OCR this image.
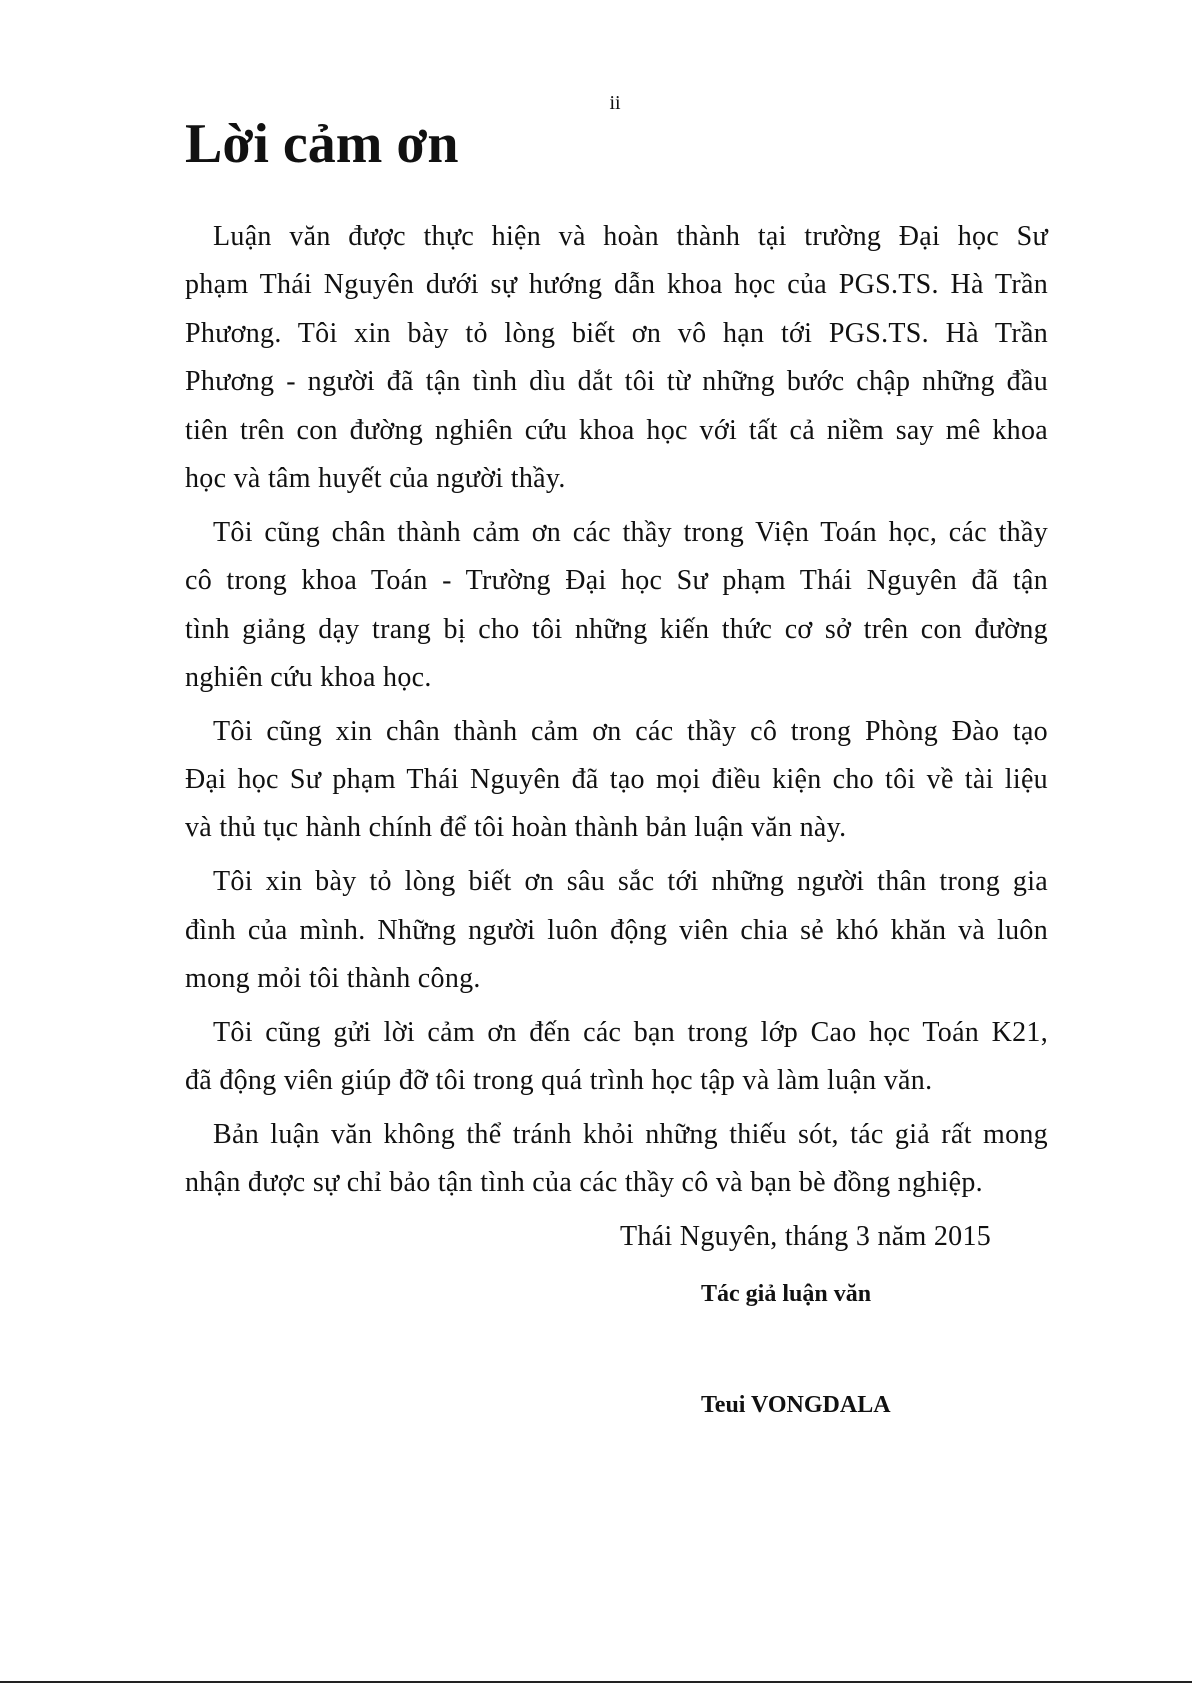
ii
Lời cảm ơn
Luận văn được thực hiện và hoàn thành tại trường Đại học Sư
phạm Thái Nguyên dưới sự hướng dẫn khoa học của PGS.TS. Hà Trần
Phương. Tôi xin bày tỏ lòng biết ơn vô hạn tới PGS.TS. Hà Trần
Phương - người đã tận tình dìu dắt tôi từ những bước chập những đầu
tiên trên con đường nghiên cứu khoa học với tất cả niềm say mê khoa
học và tâm huyết của người thầy.
Tôi cũng chân thành cảm ơn các thầy trong Viện Toán học, các thầy
cô trong khoa Toán - Trường Đại học Sư phạm Thái Nguyên đã tận
tình giảng dạy trang bị cho tôi những kiến thức cơ sở trên con đường
nghiên cứu khoa học.
Tôi cũng xin chân thành cảm ơn các thầy cô trong Phòng Đào tạo
Đại học Sư phạm Thái Nguyên đã tạo mọi điều kiện cho tôi về tài liệu
và thủ tục hành chính để tôi hoàn thành bản luận văn này.
Tôi xin bày tỏ lòng biết ơn sâu sắc tới những người thân trong gia
đình của mình. Những người luôn động viên chia sẻ khó khăn và luôn
mong mỏi tôi thành công.
Tôi cũng gửi lời cảm ơn đến các bạn trong lớp Cao học Toán K21,
đã động viên giúp đỡ tôi trong quá trình học tập và làm luận văn.
Bản luận văn không thể tránh khỏi những thiếu sót, tác giả rất mong
nhận được sự chỉ bảo tận tình của các thầy cô và bạn bè đồng nghiệp.
Thái Nguyên, tháng 3 năm 2015
Tác giả luận văn
Teui VONGDALA
